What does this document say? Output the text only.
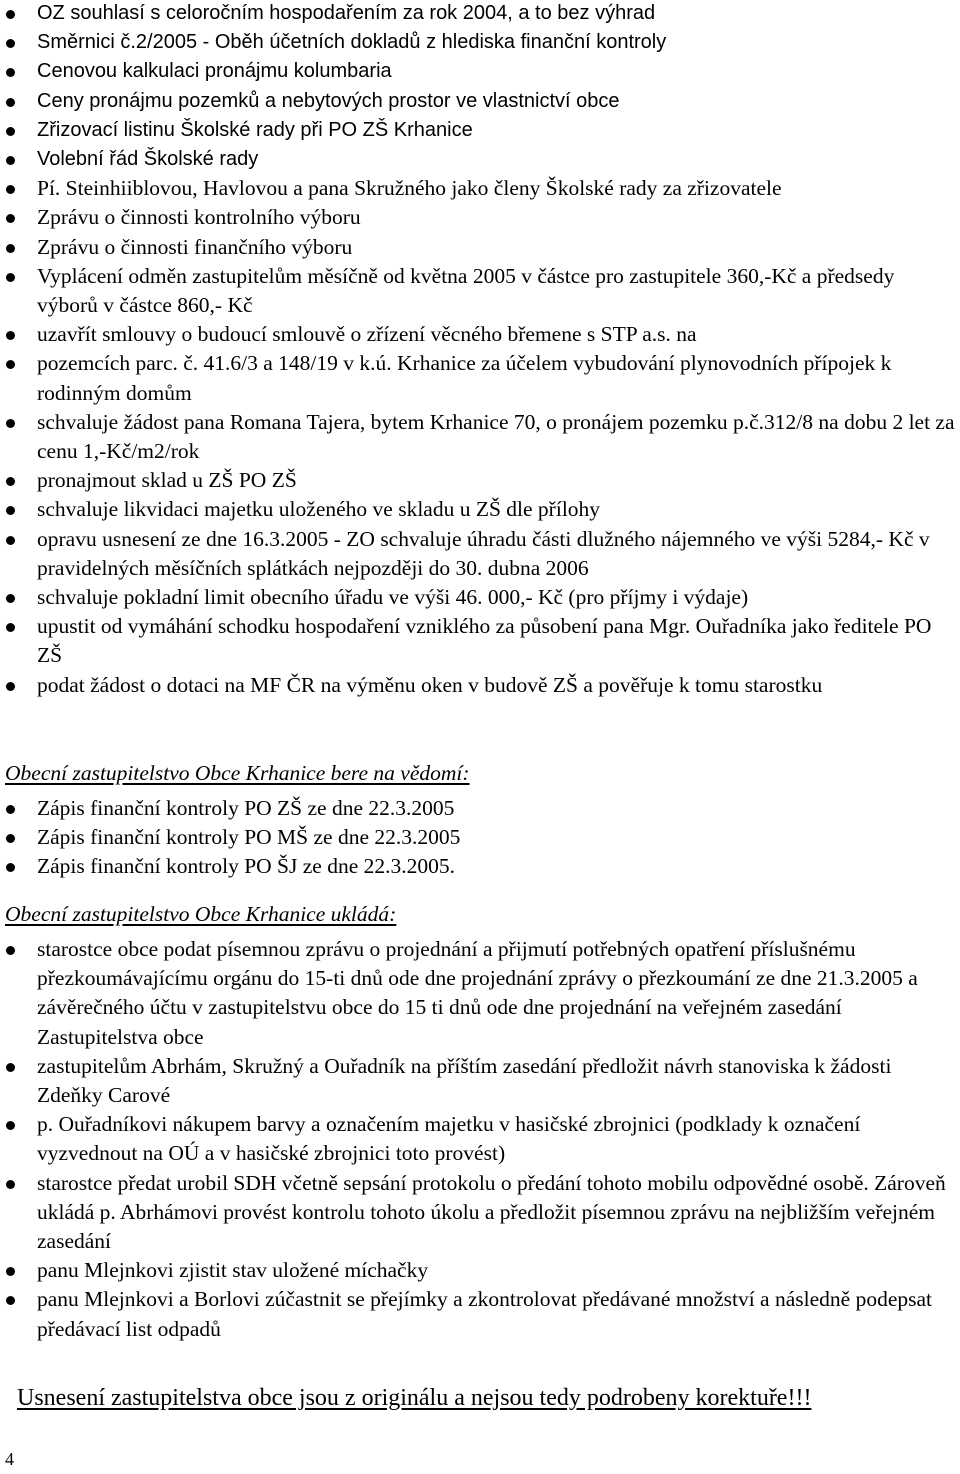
OZ souhlasí s celoročním hospodařením za rok 2004, a to bez výhrad
Směrnici č.2/2005 - Oběh účetních dokladů z hlediska finanční kontroly
Cenovou kalkulaci pronájmu kolumbaria
Ceny pronájmu pozemků a nebytových prostor ve vlastnictví obce
Zřizovací listinu Školské rady při PO ZŠ Krhanice
Volební řád Školské rady
Pí. Steinhiiblovou, Havlovou a pana Skružného jako členy Školské rady za zřizovatele
Zprávu o činnosti kontrolního výboru
Zprávu o činnosti finančního výboru
Vyplácení odměn zastupitelům měsíčně od května 2005 v částce pro zastupitele 360,-Kč a předsedy výborů v částce 860,- Kč
uzavřít smlouvy o budoucí smlouvě o zřízení věcného břemene s STP a.s. na
pozemcích parc. č. 41.6/3 a 148/19 v k.ú. Krhanice za účelem vybudování plynovodních přípojek k rodinným domům
schvaluje žádost pana Romana Tajera, bytem Krhanice 70, o pronájem pozemku p.č.312/8 na dobu 2 let za cenu 1,-Kč/m2/rok
pronajmout sklad u ZŠ PO ZŠ
schvaluje likvidaci majetku uloženého ve skladu u ZŠ dle přílohy
opravu usnesení ze dne 16.3.2005 - ZO schvaluje úhradu části dlužného nájemného ve výši 5284,- Kč v pravidelných měsíčních splátkách nejpozději do 30. dubna 2006
schvaluje pokladní limit obecního úřadu ve výši 46. 000,- Kč (pro příjmy i výdaje)
upustit od vymáhání schodku hospodaření vzniklého za působení pana Mgr. Ouřadníka jako ředitele PO ZŠ
podat žádost o dotaci na MF ČR na výměnu oken v budově ZŠ a pověřuje k tomu starostku
Obecní zastupitelstvo Obce Krhanice bere na vědomí:
Zápis finanční kontroly PO ZŠ ze dne 22.3.2005
Zápis finanční kontroly PO MŠ ze dne 22.3.2005
Zápis finanční kontroly PO ŠJ ze dne 22.3.2005.
Obecní zastupitelstvo Obce Krhanice ukládá:
starostce obce podat písemnou zprávu o projednání a přijmutí potřebných opatření příslušnému přezkoumávajícímu orgánu do 15-ti dnů ode dne projednání zprávy o přezkoumání ze dne 21.3.2005 a závěrečného účtu v zastupitelstvu obce do 15 ti dnů ode dne projednání na veřejném zasedání Zastupitelstva obce
zastupitelům Abrhám, Skružný a Ouřadník na příštím zasedání předložit návrh stanoviska k žádosti Zdeňky Carové
p. Ouřadníkovi nákupem barvy a označením majetku v hasičské zbrojnici (podklady k označení vyzvednout na OÚ a v hasičské zbrojnici toto provést)
starostce předat urobil SDH včetně sepsání protokolu o předání tohoto mobilu odpovědné osobě. Zároveň ukládá p. Abrhámovi provést kontrolu tohoto úkolu a předložit písemnou zprávu na nejbližším veřejném zasedání
panu Mlejnkovi zjistit stav uložené míchačky
panu Mlejnkovi a Borlovi zúčastnit se přejímky a zkontrolovat předávané množství a následně podepsat předávací list odpadů
Usnesení zastupitelstva obce jsou z originálu a nejsou tedy podrobeny korektuře!!!
4
